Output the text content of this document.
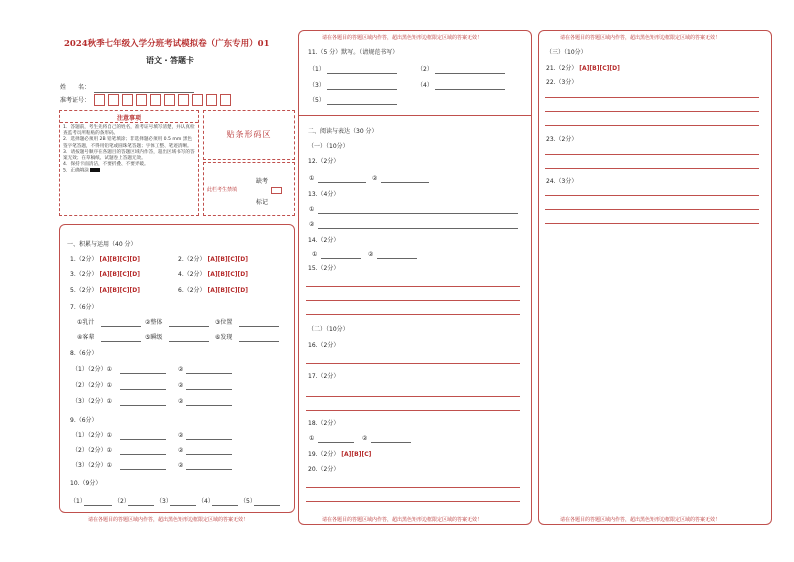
2024秋季七年级入学分班考试模拟卷（广东专用）01
语文・答题卡
姓　　名：
准考证号：
注意事项
1．答题前，考生先将自己的姓名，准考证号填写清楚，并认真检查监考员所粘贴的条形码。
2．选择题必须用 2B 铅笔填涂；非选择题必须用 0.5 mm 黑色签字笔答题，不得用铅笔或圆珠笔答题；字体工整、笔迹清晰。
3．请按题号顺序在各题目的答题区域内作答，超出区域书写的答案无效；在草稿纸、试题卷上答题无效。
4．保持卡面清洁，不要折叠、不要弄破。
5．正确填涂
贴条形码区
此栏考生禁填
缺考
标记
一、积累与运用（40 分）
1.（2分） [A][B][C][D]	2.（2分） [A][B][C][D]
3.（2分） [A][B][C][D]	4.（2分） [A][B][C][D]
5.（2分） [A][B][C][D]	6.（2分） [A][B][C][D]
7.（6分）
①乳汁	②整体	③位置
④客辈	⑤瞬级	⑥发现
8.（6分）
（1）（2分）①	②
（2）（2分）①	②
（3）（2分）①	②
9.（6分）
（1）（2分）①	②
（2）（2分）①	②
（3）（2分）①	②
10.（9分）
（1）	（2）	（3）	（4）	（5）
请在各题目的答题区域内作答，超出黑色矩形边框限定区域的答案无效！
请在各题目的答题区域内作答，超出黑色矩形边框限定区域的答案无效！
请在各题目的答题区域内作答，超出黑色矩形边框限定区域的答案无效！
11.（5 分）默写。（请规范书写）
（1）	（2）
（3）	（4）
（5）
二、阅读与表达（30 分）
（一）（10分）
12.（2分）
①	②
13.（4分）
①
②
14.（2分）
①	②
15.（2分）
（二）（10分）
16.（2分）
17.（2分）
18.（2分）
①	②
19.（2分） [A][B][C]
20.（2分）
请在各题目的答题区域内作答，超出黑色矩形边框限定区域的答案无效！
请在各题目的答题区域内作答，超出黑色矩形边框限定区域的答案无效！
（三）（10分）
21.（2分） [A][B][C][D]
22.（3分）
23.（2分）
24.（3分）
